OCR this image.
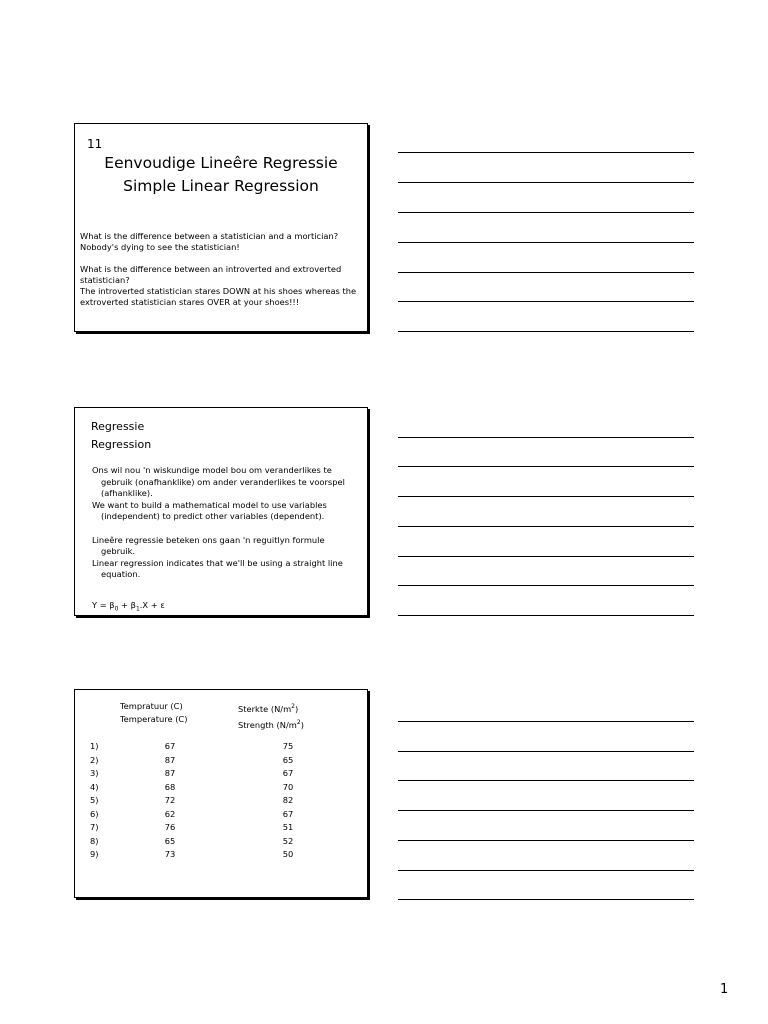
11
Eenvoudige Lineêre Regressie
Simple Linear Regression

What is the difference between a statistician and a mortician?
Nobody's dying to see the statistician!

What is the difference between an introverted and extroverted statistician?
The introverted statistician stares DOWN at his shoes whereas the extroverted statistician stares OVER at your shoes!!!

Regressie
Regression

Ons wil nou 'n wiskundige model bou om veranderlikes te gebruik (onafhanklike) om ander veranderlikes te voorspel (afhanklike).

We want to build a mathematical model to use variables (independent) to predict other variables (dependent).

Lineêre regressie beteken ons gaan 'n reguitlyn formule gebruik.

Linear regression indicates that we'll be using a straight line equation.

$Y = \beta_0 + \beta_1.X + \varepsilon$
Tempratuur (C)
Temperature (C)
Sterkte $(N/m^2)$
Strength $(N/m^2)$
1)	67	75
2)	87	65
3)	87	67
4)	68	70
5)	72	82
6)	62	67
7)	76	51
8)	65	52
9)	73	50
1
